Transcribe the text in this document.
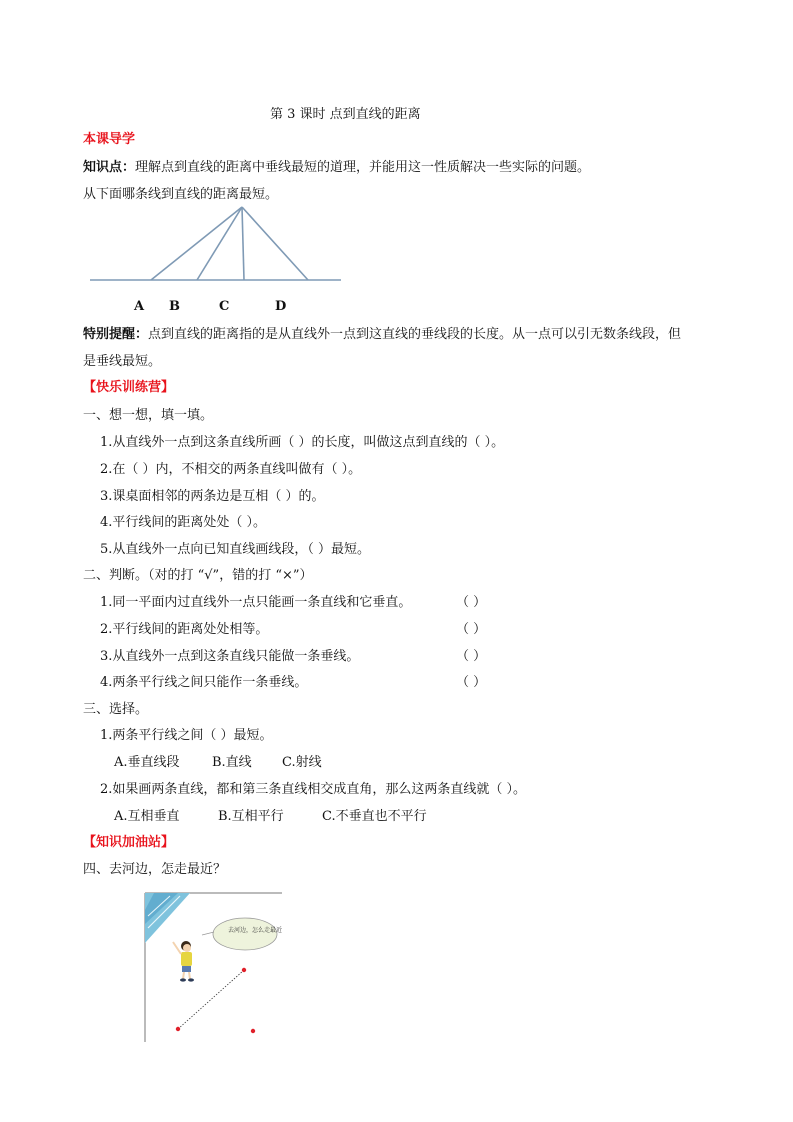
第 3 课时 点到直线的距离
本课导学
知识点：理解点到直线的距离中垂线最短的道理，并能用这一性质解决一些实际的问题。
从下面哪条线到直线的距离最短。
A B	C	D
特别提醒：点到直线的距离指的是从直线外一点到这直线的垂线段的长度。从一点可以引无数条线段，但
是垂线最短。
【快乐训练营】
一、想一想，填一填。
1.从直线外一点到这条直线所画（ ）的长度，叫做这点到直线的（ ）。
2.在（ ）内，不相交的两条直线叫做有（ ）。
3.课桌面相邻的两条边是互相（ ）的。
4.平行线间的距离处处（ ）。
5.从直线外一点向已知直线画线段，（ ）最短。
二、判断。（对的打 “√”，错的打 “×”）
1.同一平面内过直线外一点只能画一条直线和它垂直。	（ ）
2.平行线间的距离处处相等。	（ ）
3.从直线外一点到这条直线只能做一条垂线。	（ ）
4.两条平行线之间只能作一条垂线。	（ ）
三、选择。
1.两条平行线之间（ ）最短。
A.垂直线段 B.直线 C.射线
2.如果画两条直线，都和第三条直线相交成直角，那么这两条直线就（ ）。
A.互相垂直	B.互相平行	C.不垂直也不平行
【知识加油站】
四、去河边，怎走最近？
去河边，怎么走最近
